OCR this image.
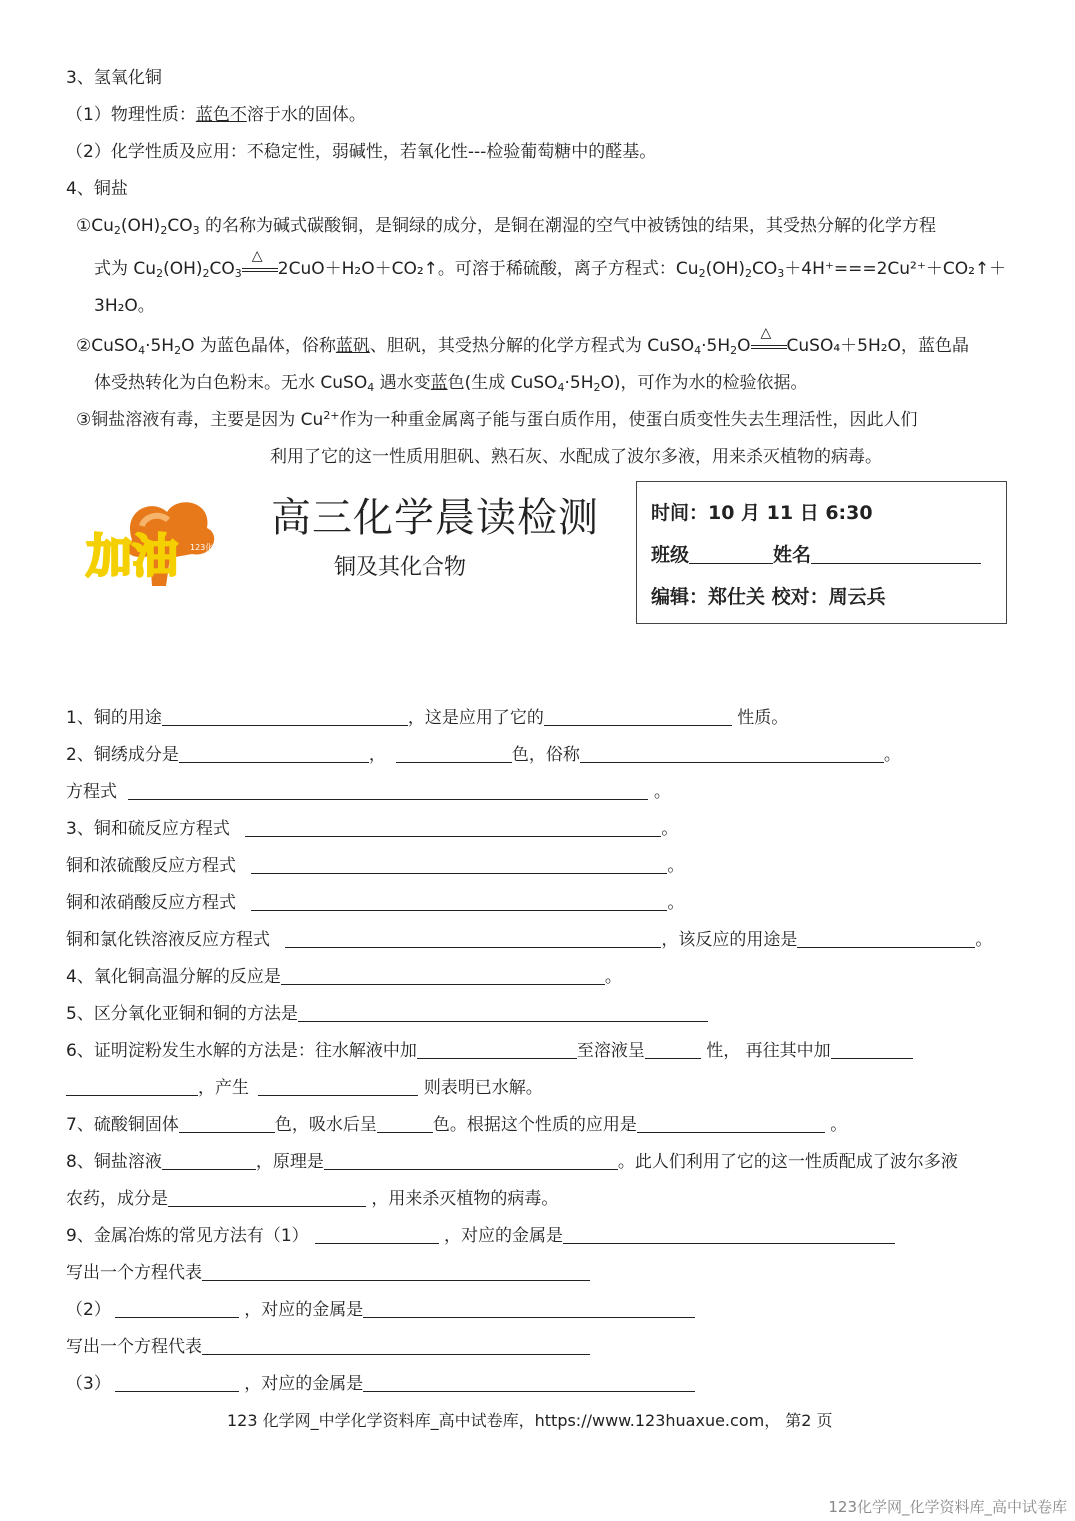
3、氢氧化铜
（1）物理性质：蓝色不溶于水的固体。
（2）化学性质及应用：不稳定性，弱碱性，若氧化性---检验葡萄糖中的醛基。
4、铜盐
$①Cu_2(OH)_2CO_3$ 的名称为碱式碳酸铜，是铜绿的成分，是铜在潮湿的空气中被锈蚀的结果，其受热分解的化学方程
式为 $Cu_2(OH)_2CO_3$
△
2CuO＋H₂O＋CO₂↑。可溶于稀硫酸，离子方程式：$Cu_2(OH)_2CO_3+4H^+===2Cu^{2+}+CO_2↑+$
3H₂O。
$②CuSO_4\cdot 5H_2O$ 为蓝色晶体，俗称蓝矾、胆矾，其受热分解的化学方程式为 $CuSO_4\cdot 5H_2O$
△
CuSO₄＋5H₂O，蓝色晶
体受热转化为白色粉末。无水 CuSO$_4$ 遇水变蓝色(生成 $CuSO_4\cdot 5H_2O$)，可作为水的检验依据。
③铜盐溶液有毒，主要是因为 $Cu^{2+}$作为一种重金属离子能与蛋白质作用，使蛋白质变性失去生理活性，因此人们
利用了它的这一性质用胆矾、熟石灰、水配成了波尔多液，用来杀灭植物的病毒。
加油 123化学网
高三化学晨读检测
铜及其化合物
时间：10 月 11 日 6:30
班级	姓名
编辑：郑仕关 校对：周云兵
1、铜的用途	，这是应用了它的	性质。
2、铜绣成分是	，	色，俗称	。
方程式	。
3、铜和硫反应方程式	。
铜和浓硫酸反应方程式	。
铜和浓硝酸反应方程式	。
铜和氯化铁溶液反应方程式	，该反应的用途是	。
4、氧化铜高温分解的反应是	。
5、区分氧化亚铜和铜的方法是
6、证明淀粉发生水解的方法是：往水解液中加	至溶液呈	性， 再往其中加
，产生	则表明已水解。
7、硫酸铜固体	色，吸水后呈	色。根据这个性质的应用是	。
8、铜盐溶液	，原理是	。此人们利用了它的这一性质配成了波尔多液
农药，成分是	，用来杀灭植物的病毒。
9、金属冶炼的常见方法有（1）	，对应的金属是
写出一个方程代表
（2）	，对应的金属是
写出一个方程代表
（3）	，对应的金属是
123 化学网_中学化学资料库_高中试卷库，https://www.123huaxue.com， 第2 页
123化学网_化学资料库_高中试卷库
